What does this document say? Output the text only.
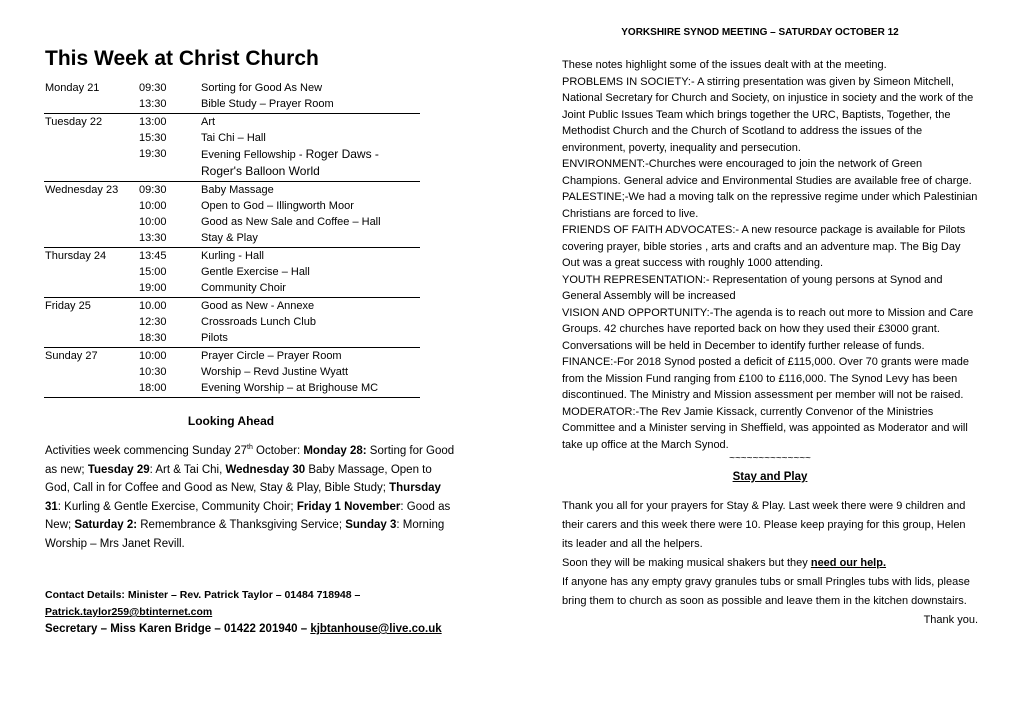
This Week at Christ Church
Monday 21	09:30	Sorting for Good As New
13:30	Bible Study – Prayer Room
Tuesday 22	13:00	Art
15:30	Tai Chi – Hall
19:30	Evening Fellowship - Roger Daws - Roger's Balloon World
Wednesday 23	09:30	Baby Massage
10:00	Open to God – Illingworth Moor
10:00	Good as New Sale and Coffee – Hall
13:30	Stay & Play
Thursday 24	13:45	Kurling - Hall
15:00	Gentle Exercise – Hall
19:00	Community Choir
Friday 25	10.00	Good as New - Annexe
12:30	Crossroads Lunch Club
18:30	Pilots
Sunday 27	10:00	Prayer Circle – Prayer Room
10:30	Worship – Revd Justine Wyatt
18:00	Evening Worship – at Brighouse MC
Looking Ahead
Activities week commencing Sunday 27th October: Monday 28: Sorting for Good as new; Tuesday 29: Art & Tai Chi, Wednesday 30 Baby Massage, Open to God, Call in for Coffee and Good as New, Stay & Play, Bible Study; Thursday 31: Kurling & Gentle Exercise, Community Choir; Friday 1 November: Good as New; Saturday 2: Remembrance & Thanksgiving Service; Sunday 3: Morning Worship – Mrs Janet Revill.
Contact Details: Minister – Rev. Patrick Taylor – 01484 718948 –
Patrick.taylor259@btinternet.com
Secretary – Miss Karen Bridge – 01422 201940 – kjbtanhouse@live.co.uk
YORKSHIRE SYNOD MEETING – SATURDAY OCTOBER 12
These notes highlight some of the issues dealt with at the meeting.
PROBLEMS IN SOCIETY:- A stirring presentation was given by Simeon Mitchell, National Secretary for Church and Society, on injustice in society and the work of the Joint Public Issues Team which brings together the URC, Baptists, Together, the Methodist Church and the Church of Scotland to address the issues of the environment, poverty, inequality and persecution.
ENVIRONMENT:-Churches were encouraged to join the network of Green Champions. General advice and Environmental Studies are available free of charge.
PALESTINE;-We had a moving talk on the repressive regime under which Palestinian Christians are forced to live.
FRIENDS OF FAITH ADVOCATES:- A new resource package is available for Pilots covering prayer, bible stories , arts and crafts and an adventure map. The Big Day Out was a great success with roughly 1000 attending.
YOUTH REPRESENTATION:- Representation of young persons at Synod and General Assembly will be increased
VISION AND OPPORTUNITY:-The agenda is to reach out more to Mission and Care Groups. 42 churches have reported back on how they used their £3000 grant. Conversations will be held in December to identify further release of funds.
FINANCE:-For 2018 Synod posted a deficit of £115,000. Over 70 grants were made from the Mission Fund ranging from £100 to £116,000. The Synod Levy has been discontinued. The Ministry and Mission assessment per member will not be raised.
MODERATOR:-The Rev Jamie Kissack, currently Convenor of the Ministries Committee and a Minister serving in Sheffield, was appointed as Moderator and will take up office at the March Synod.
~~~~~~~~~~~~~~
Stay and Play
Thank you all for your prayers for Stay & Play. Last week there were 9 children and their carers and this week there were 10. Please keep praying for this group, Helen its leader and all the helpers.
Soon they will be making musical shakers but they need our help.
If anyone has any empty gravy granules tubs or small Pringles tubs with lids, please bring them to church as soon as possible and leave them in the kitchen downstairs.
Thank you.
